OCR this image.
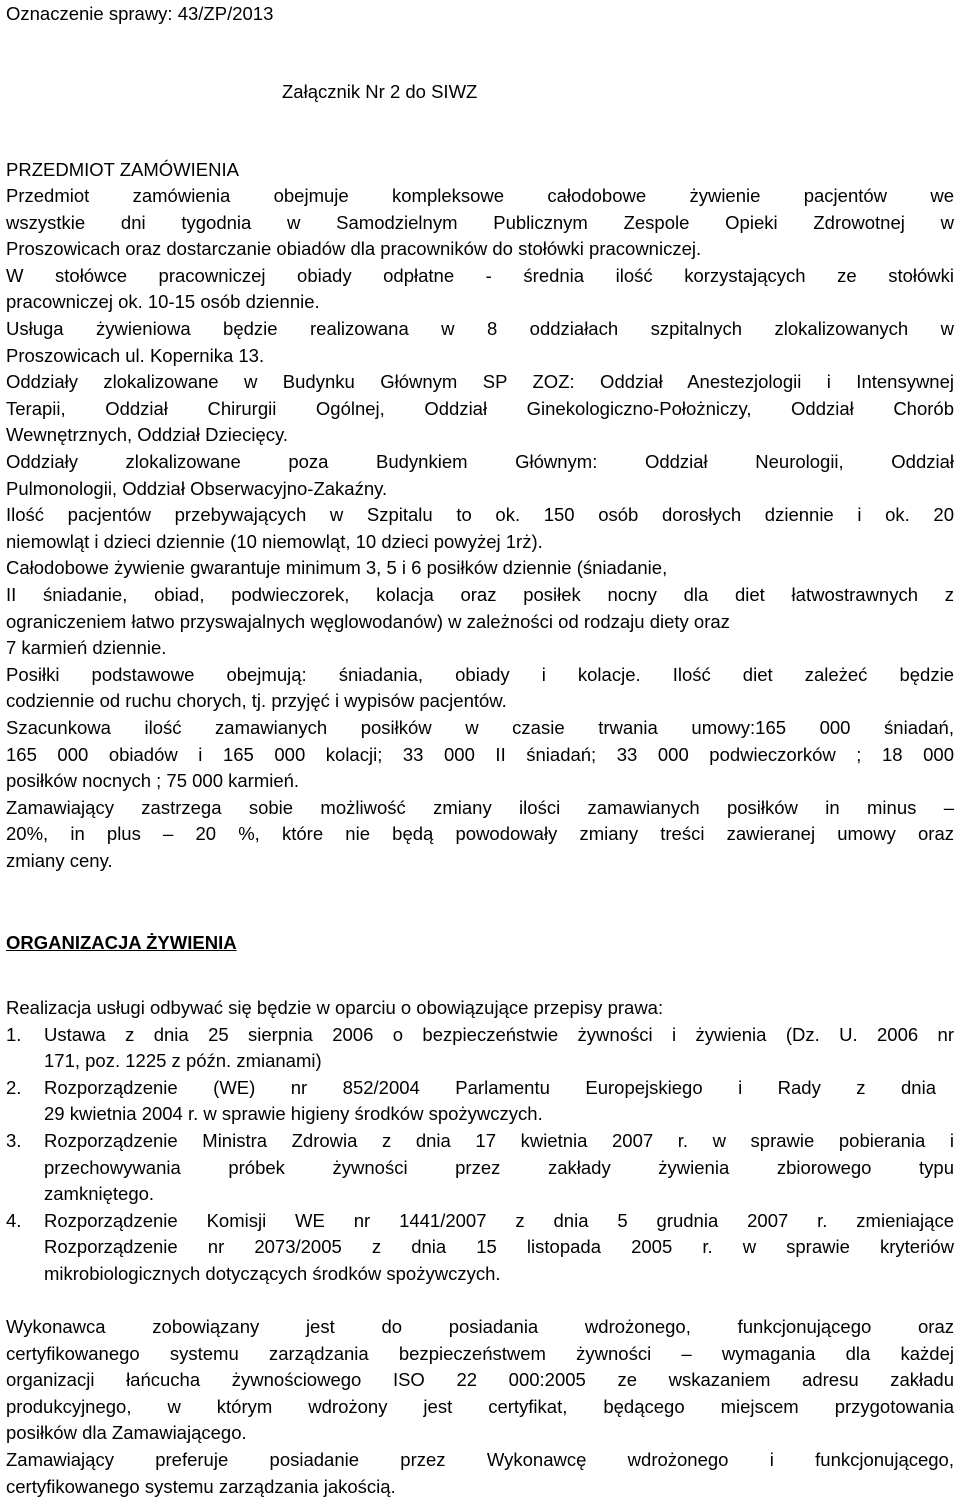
Oznaczenie sprawy: 43/ZP/2013
Załącznik Nr 2 do SIWZ
PRZEDMIOT ZAMÓWIENIA
Przedmiot zamówienia obejmuje kompleksowe całodobowe żywienie pacjentów we
wszystkie dni tygodnia w Samodzielnym Publicznym Zespole Opieki Zdrowotnej w
Proszowicach oraz dostarczanie obiadów dla pracowników do stołówki pracowniczej.
W stołówce pracowniczej obiady odpłatne - średnia ilość korzystających ze stołówki
pracowniczej ok. 10-15 osób dziennie.
Usługa żywieniowa będzie realizowana w 8 oddziałach szpitalnych zlokalizowanych w
Proszowicach ul. Kopernika 13.
Oddziały zlokalizowane w Budynku Głównym SP ZOZ: Oddział Anestezjologii i Intensywnej
Terapii, Oddział Chirurgii Ogólnej, Oddział Ginekologiczno-Położniczy, Oddział Chorób
Wewnętrznych, Oddział Dziecięcy.
Oddziały zlokalizowane poza Budynkiem Głównym: Oddział Neurologii, Oddział
Pulmonologii, Oddział Obserwacyjno-Zakaźny.
Ilość pacjentów przebywających w Szpitalu to ok. 150 osób dorosłych dziennie i ok. 20
niemowląt i dzieci dziennie (10 niemowląt, 10 dzieci powyżej 1rż).
Całodobowe żywienie gwarantuje minimum 3, 5 i 6 posiłków dziennie (śniadanie,
II śniadanie, obiad, podwieczorek, kolacja oraz posiłek nocny dla diet łatwostrawnych z
ograniczeniem łatwo przyswajalnych węglowodanów) w zależności od rodzaju diety oraz
7 karmień dziennie.
Posiłki podstawowe obejmują: śniadania, obiady i kolacje. Ilość diet zależeć będzie
codziennie od ruchu chorych, tj. przyjęć i wypisów pacjentów.
Szacunkowa ilość zamawianych posiłków w czasie trwania umowy:165 000 śniadań,
165 000 obiadów i 165 000 kolacji; 33 000 II śniadań; 33 000 podwieczorków ; 18 000
posiłków nocnych ; 75 000 karmień.
Zamawiający zastrzega sobie możliwość zmiany ilości zamawianych posiłków in minus –
20%, in plus – 20 %, które nie będą powodowały zmiany treści zawieranej umowy oraz
zmiany ceny.
ORGANIZACJA ŻYWIENIA
Realizacja usługi odbywać się będzie w oparciu o obowiązujące przepisy prawa:
1.	Ustawa z dnia 25 sierpnia 2006 o bezpieczeństwie żywności i żywienia (Dz. U. 2006 nr
171, poz. 1225 z późn. zmianami)
2.	Rozporządzenie (WE) nr 852/2004 Parlamentu Europejskiego i Rady z dnia
29 kwietnia 2004 r. w sprawie higieny środków spożywczych.
3.	Rozporządzenie Ministra Zdrowia z dnia 17 kwietnia 2007 r. w sprawie pobierania i
przechowywania próbek żywności przez zakłady żywienia zbiorowego typu
zamkniętego.
4.	Rozporządzenie Komisji WE nr 1441/2007 z dnia 5 grudnia 2007 r. zmieniające
Rozporządzenie nr 2073/2005 z dnia 15 listopada 2005 r. w sprawie kryteriów
mikrobiologicznych dotyczących środków spożywczych.
Wykonawca zobowiązany jest do posiadania wdrożonego, funkcjonującego oraz
certyfikowanego systemu zarządzania bezpieczeństwem żywności – wymagania dla każdej
organizacji łańcucha żywnościowego ISO 22 000:2005 ze wskazaniem adresu zakładu
produkcyjnego, w którym wdrożony jest certyfikat, będącego miejscem przygotowania
posiłków dla Zamawiającego.
Zamawiający preferuje posiadanie przez Wykonawcę wdrożonego i funkcjonującego,
certyfikowanego systemu zarządzania jakością.
